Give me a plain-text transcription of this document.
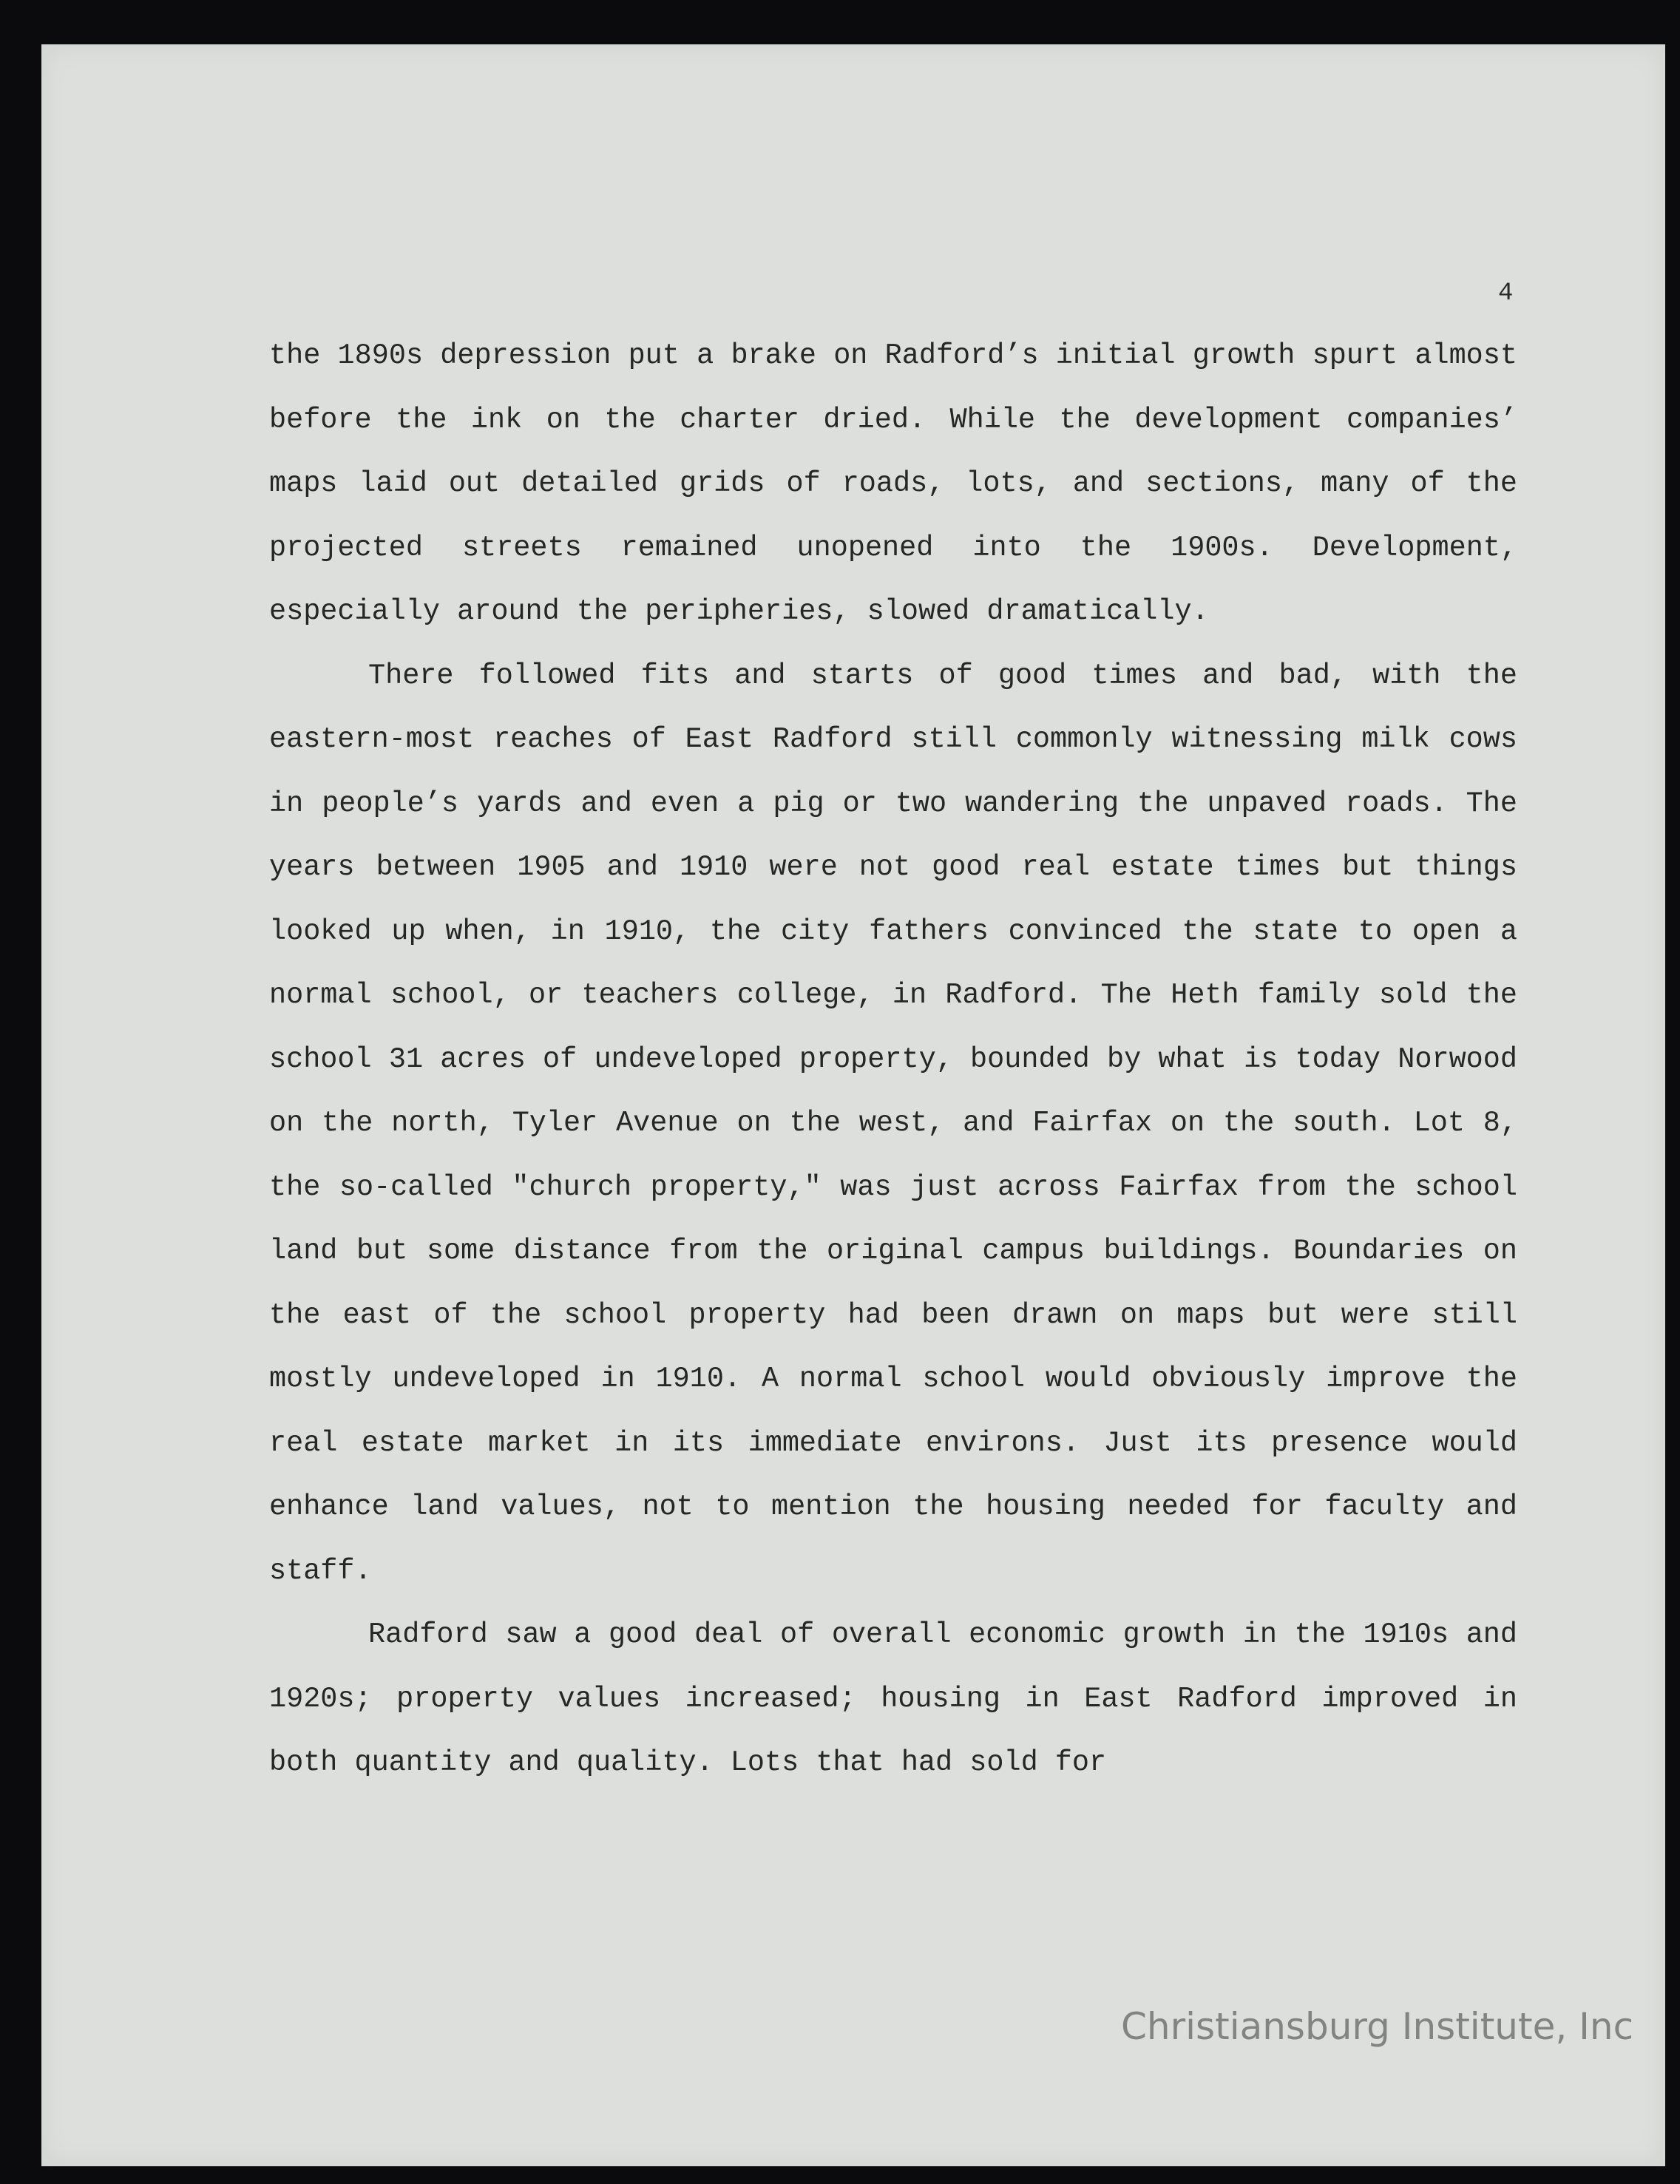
4

the 1890s depression put a brake on Radford’s initial growth spurt almost before the ink on the charter dried. While the development companies’ maps laid out detailed grids of roads, lots, and sections, many of the projected streets remained unopened into the 1900s. Development, especially around the peripheries, slowed dramatically.

There followed fits and starts of good times and bad, with the eastern-most reaches of East Radford still commonly witnessing milk cows in people’s yards and even a pig or two wandering the unpaved roads. The years between 1905 and 1910 were not good real estate times but things looked up when, in 1910, the city fathers convinced the state to open a normal school, or teachers college, in Radford. The Heth family sold the school 31 acres of undeveloped property, bounded by what is today Norwood on the north, Tyler Avenue on the west, and Fairfax on the south. Lot 8, the so-called "church property," was just across Fairfax from the school land but some distance from the original campus buildings. Boundaries on the east of the school property had been drawn on maps but were still mostly undeveloped in 1910. A normal school would obviously improve the real estate market in its immediate environs. Just its presence would enhance land values, not to mention the housing needed for faculty and staff.

Radford saw a good deal of overall economic growth in the 1910s and 1920s; property values increased; housing in East Radford improved in both quantity and quality. Lots that had sold for

Christiansburg Institute, Inc
